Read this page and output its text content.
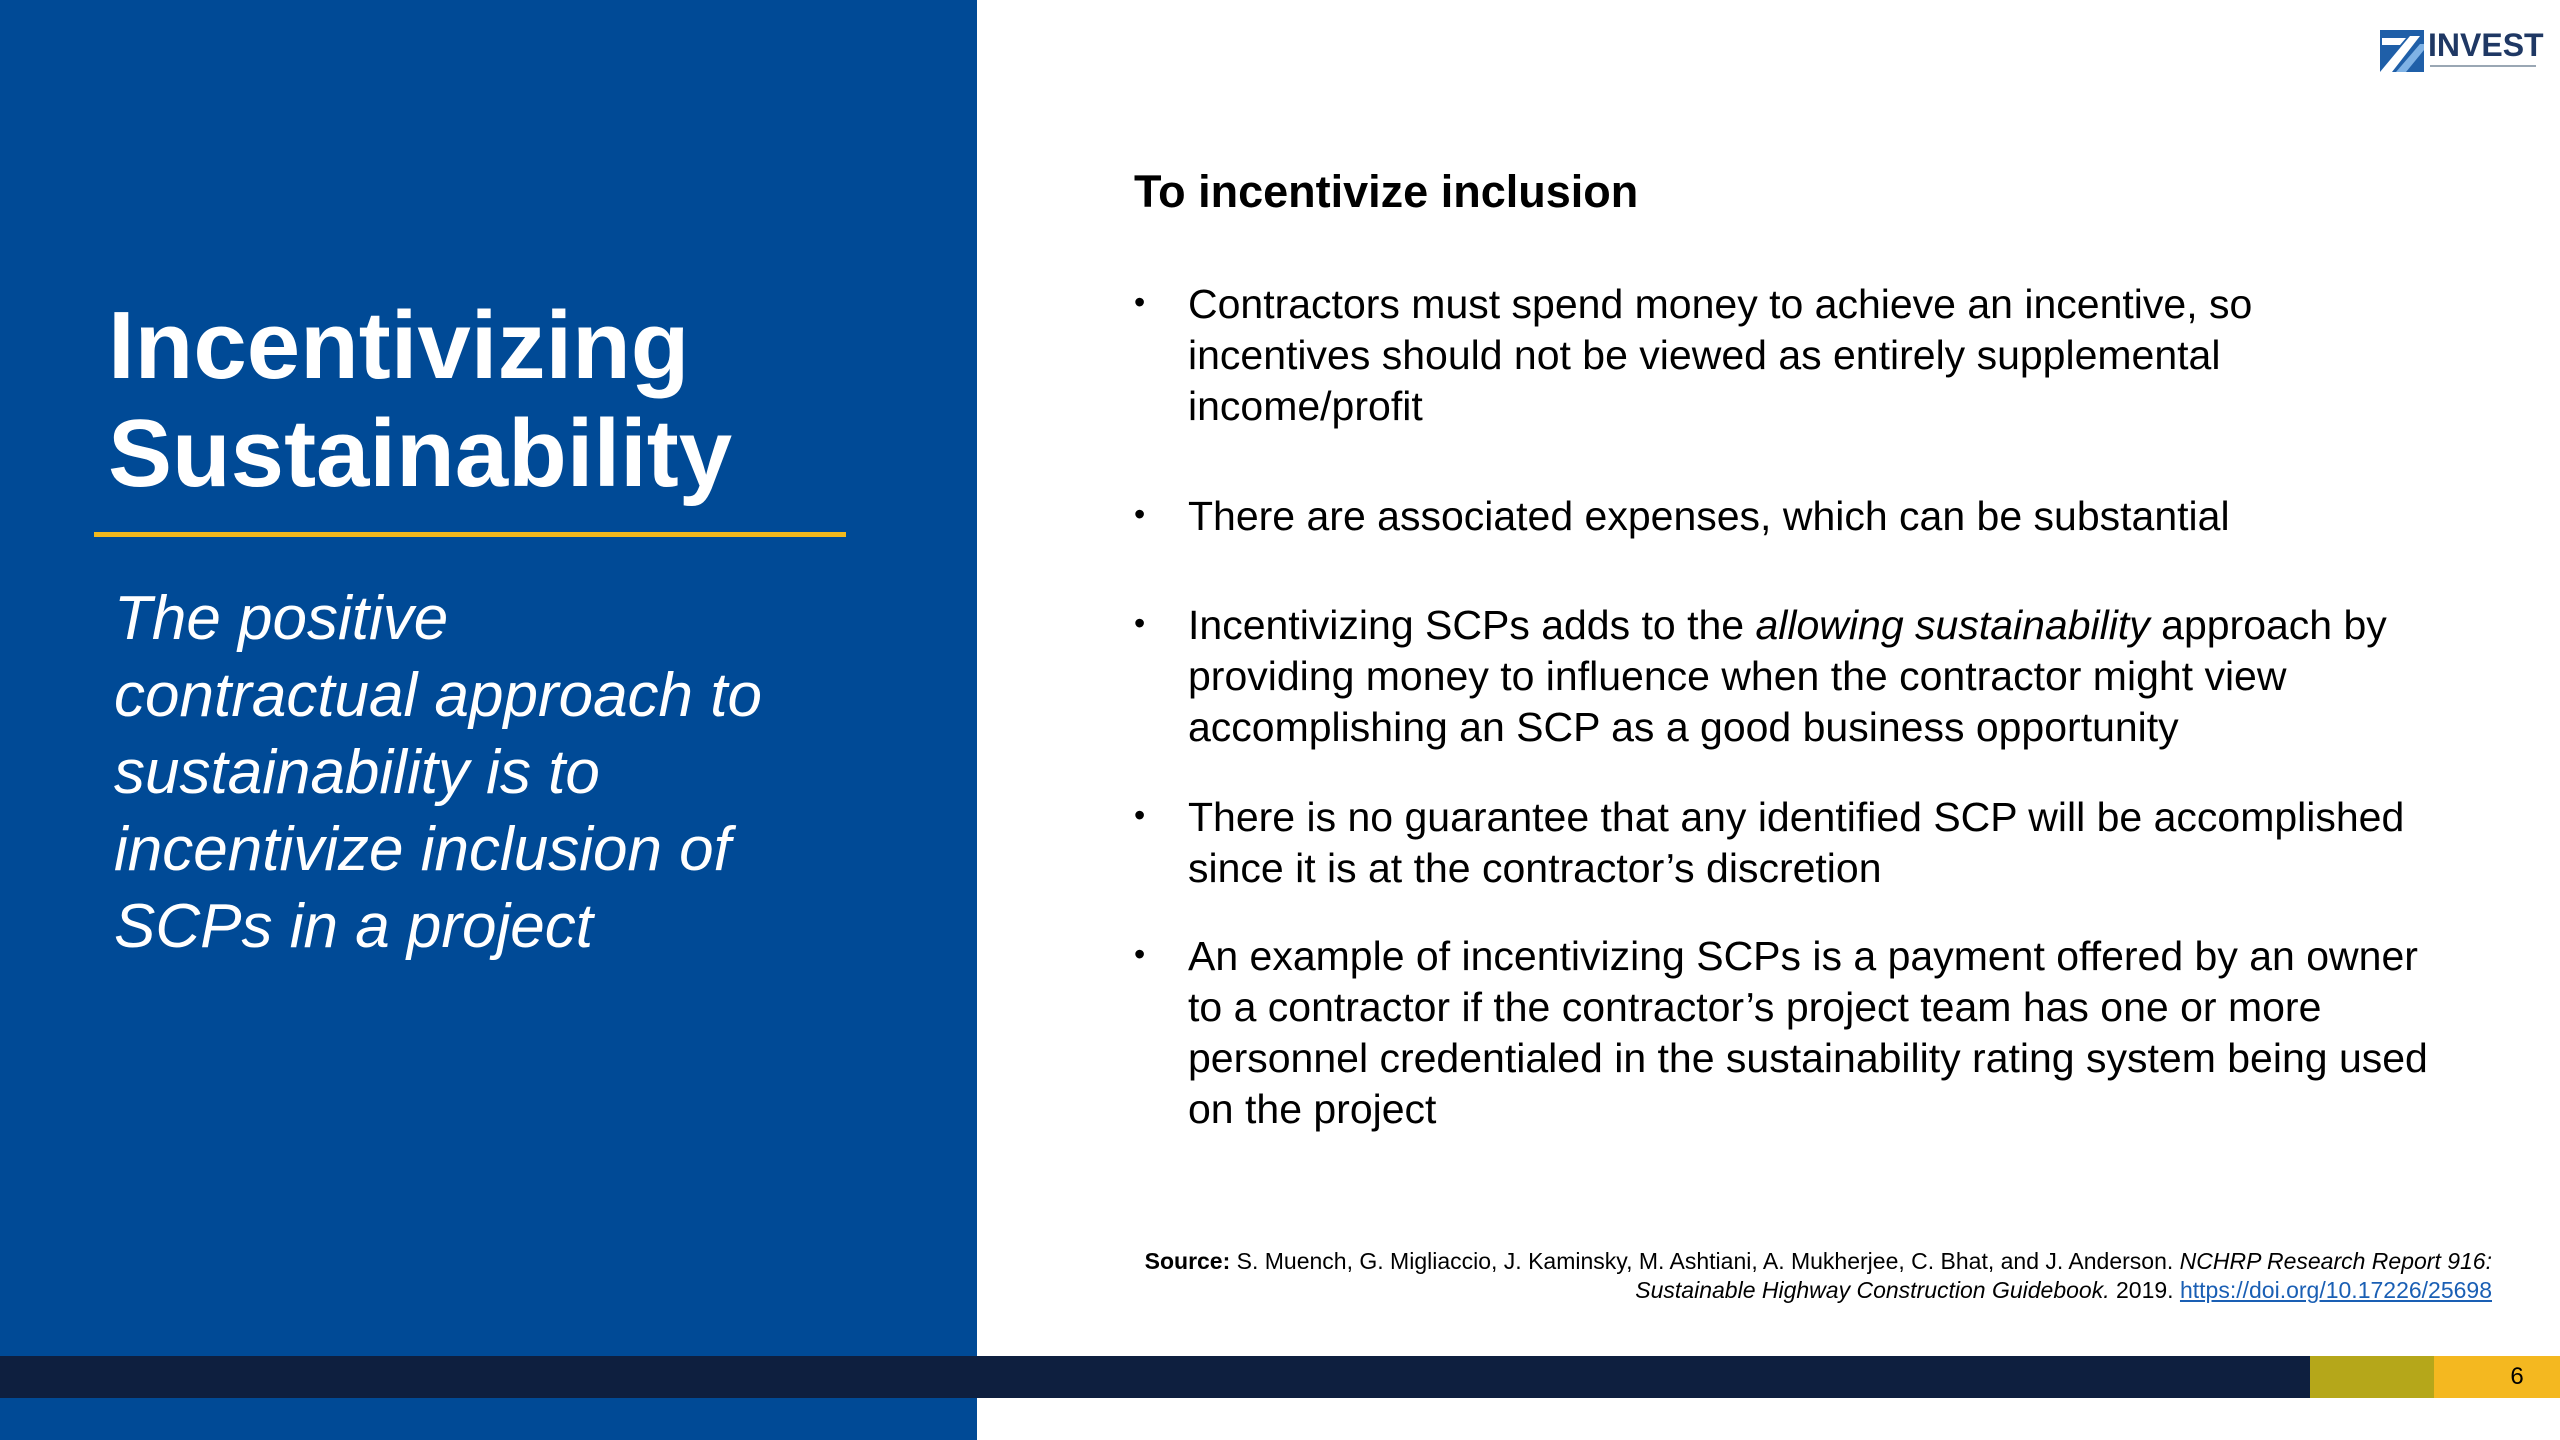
Incentivizing
Sustainability
The positive
contractual approach to
sustainability is to
incentivize inclusion of
SCPs in a project
INVEST
To incentivize inclusion
• Contractors must spend money to achieve an incentive, so
incentives should not be viewed as entirely supplemental
income/profit
• There are associated expenses, which can be substantial
• Incentivizing SCPs adds to the allowing sustainability approach by
providing money to influence when the contractor might view
accomplishing an SCP as a good business opportunity
• There is no guarantee that any identified SCP will be accomplished
since it is at the contractor’s discretion
• An example of incentivizing SCPs is a payment offered by an owner
to a contractor if the contractor’s project team has one or more
personnel credentialed in the sustainability rating system being used
on the project
Source: S. Muench, G. Migliaccio, J. Kaminsky, M. Ashtiani, A. Mukherjee, C. Bhat, and J. Anderson. NCHRP Research Report 916:
Sustainable Highway Construction Guidebook. 2019. https://doi.org/10.17226/25698
6
